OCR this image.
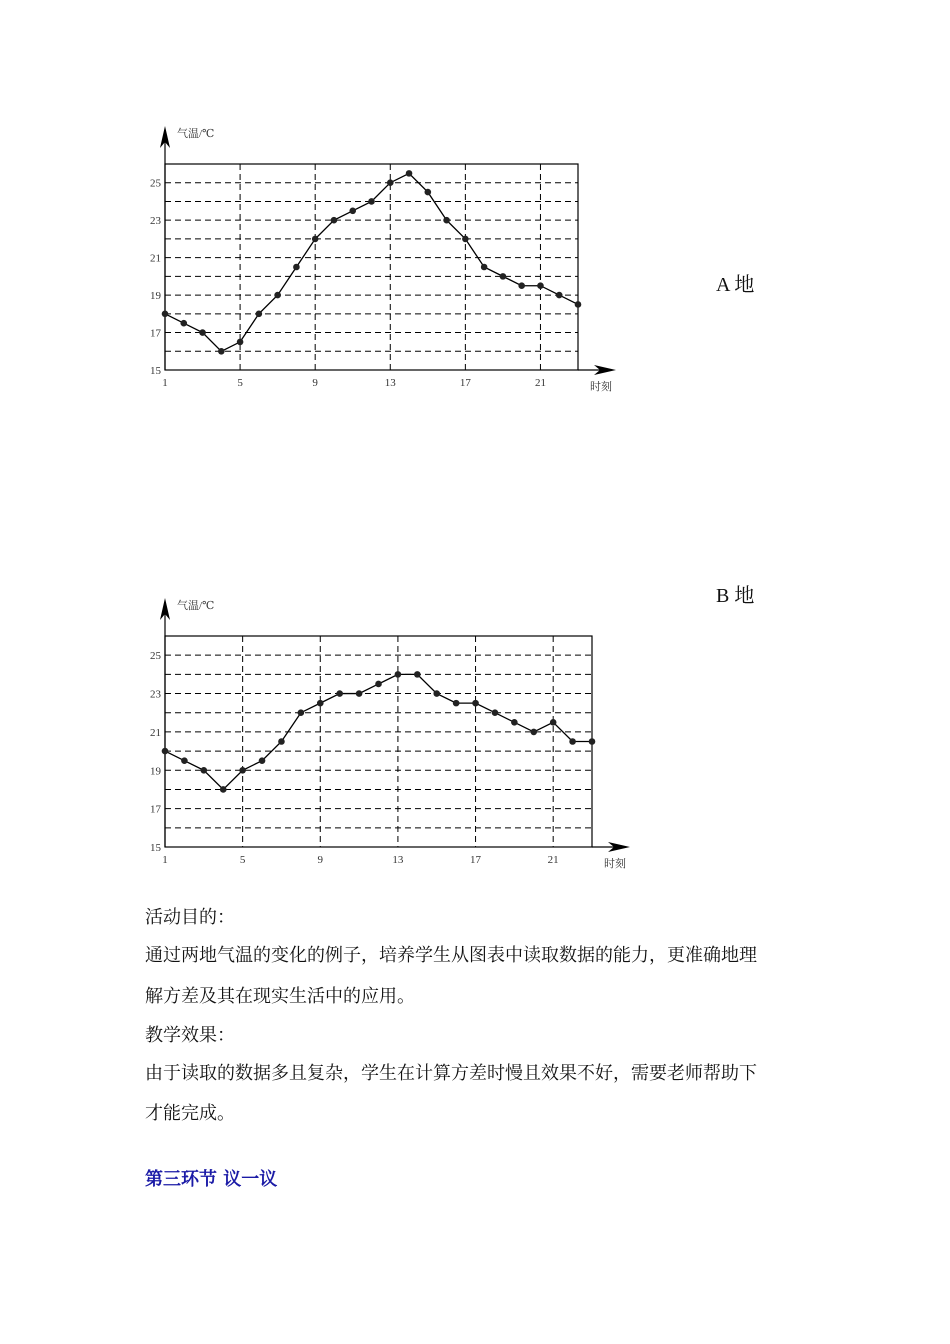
15
17
19
21
23
25
1	5	9	13	17	21
气温/℃
时刻
A 地
15
17
19
21
23
25
1	5	9	13	17	21
气温/℃
时刻
B 地
活动目的：
通过两地气温的变化的例子，培养学生从图表中读取数据的能力，更准确地理
解方差及其在现实生活中的应用。
教学效果：
由于读取的数据多且复杂，学生在计算方差时慢且效果不好，需要老师帮助下
才能完成。
第三环节 议一议
